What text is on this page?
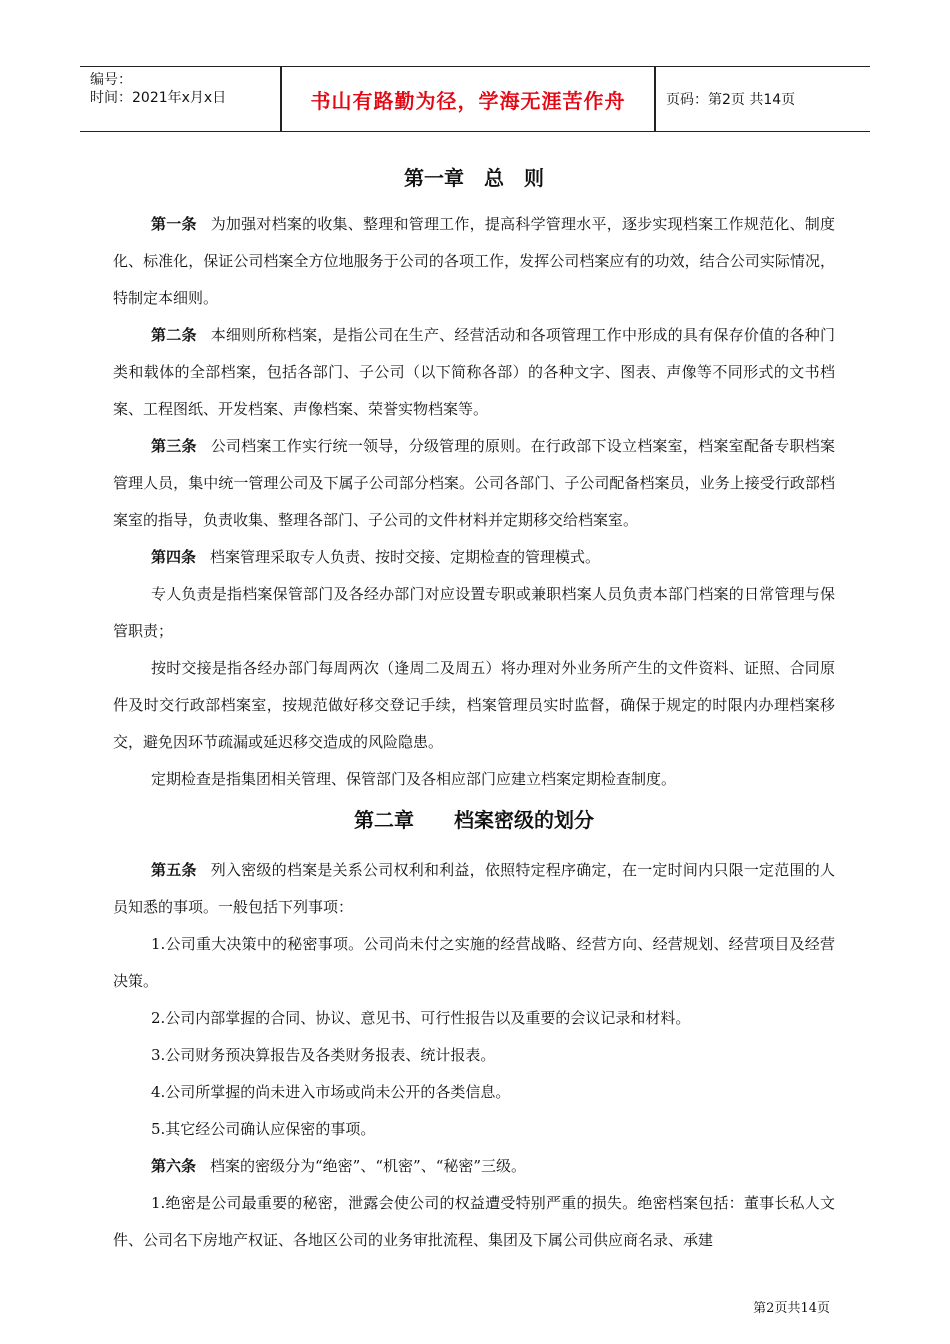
编号：
时间：2021年x月x日	书山有路勤为径，学海无涯苦作舟	页码：第2页 共14页
第一章　总　则

第一条 为加强对档案的收集、整理和管理工作，提高科学管理水平，逐步实现档案工作规范化、制度化、标准化，保证公司档案全方位地服务于公司的各项工作，发挥公司档案应有的功效，结合公司实际情况，特制定本细则。

第二条 本细则所称档案，是指公司在生产、经营活动和各项管理工作中形成的具有保存价值的各种门类和载体的全部档案，包括各部门、子公司（以下简称各部）的各种文字、图表、声像等不同形式的文书档案、工程图纸、开发档案、声像档案、荣誉实物档案等。

第三条 公司档案工作实行统一领导，分级管理的原则。在行政部下设立档案室，档案室配备专职档案管理人员，集中统一管理公司及下属子公司部分档案。公司各部门、子公司配备档案员，业务上接受行政部档案室的指导，负责收集、整理各部门、子公司的文件材料并定期移交给档案室。

第四条 档案管理采取专人负责、按时交接、定期检查的管理模式。

专人负责是指档案保管部门及各经办部门对应设置专职或兼职档案人员负责本部门档案的日常管理与保管职责；

按时交接是指各经办部门每周两次（逢周二及周五）将办理对外业务所产生的文件资料、证照、合同原件及时交行政部档案室，按规范做好移交登记手续，档案管理员实时监督，确保于规定的时限内办理档案移交，避免因环节疏漏或延迟移交造成的风险隐患。

定期检查是指集团相关管理、保管部门及各相应部门应建立档案定期检查制度。

第二章　　档案密级的划分

第五条 列入密级的档案是关系公司权利和利益，依照特定程序确定，在一定时间内只限一定范围的人员知悉的事项。一般包括下列事项：

1.公司重大决策中的秘密事项。公司尚未付之实施的经营战略、经营方向、经营规划、经营项目及经营决策。

2.公司内部掌握的合同、协议、意见书、可行性报告以及重要的会议记录和材料。

3.公司财务预决算报告及各类财务报表、统计报表。

4.公司所掌握的尚未进入市场或尚未公开的各类信息。

5.其它经公司确认应保密的事项。

第六条 档案的密级分为“绝密”、“机密”、“秘密”三级。

1.绝密是公司最重要的秘密，泄露会使公司的权益遭受特别严重的损失。绝密档案包括：董事长私人文件、公司名下房地产权证、各地区公司的业务审批流程、集团及下属公司供应商名录、承建

第2页共14页
